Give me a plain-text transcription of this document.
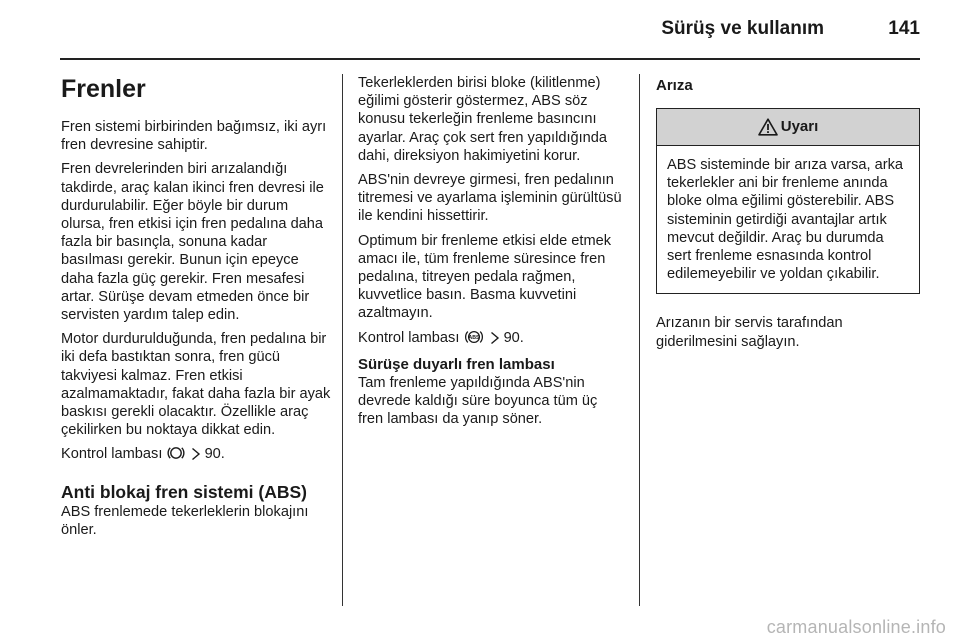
Sürüş ve kullanım	141
Frenler

Fren sistemi birbirinden bağımsız, iki ayrı fren devresine sahiptir.

Fren devrelerinden biri arızalandığı takdirde, araç kalan ikinci fren devresi ile durdurulabilir. Eğer böyle bir durum olursa, fren etkisi için fren pedalına daha fazla bir basınçla, sonuna kadar basılması gerekir. Bunun için epeyce daha fazla güç gerekir. Fren mesafesi artar. Sürüşe devam etmeden önce bir servisten yardım talep edin.

Motor durdurulduğunda, fren pedalına bir iki defa bastıktan sonra, fren gücü takviyesi kalmaz. Fren etkisi azalmamaktadır, fakat daha fazla bir ayak baskısı gerekli olacaktır. Özellikle araç çekilirken bu noktaya dikkat edin.

Kontrol lambası   90.

Anti blokaj fren sistemi (ABS)

ABS frenlemede tekerleklerin blokajını önler.

Tekerleklerden birisi bloke (kilitlenme) eğilimi gösterir göstermez, ABS söz konusu tekerleğin frenleme basıncını ayarlar. Araç çok sert fren yapıldığında dahi, direksiyon hakimiyetini korur.

ABS'nin devreye girmesi, fren pedalının titremesi ve ayarlama işleminin gürültüsü ile kendini hissettirir.

Optimum bir frenleme etkisi elde etmek amacı ile, tüm frenleme süresince fren pedalına, titreyen pedala rağmen, kuvvetlice basın. Basma kuvvetini azaltmayın.

Kontrol lambası ABS 90.

Sürüşe duyarlı fren lambası

Tam frenleme yapıldığında ABS'nin devrede kaldığı süre boyunca tüm üç fren lambası da yanıp söner.

Arıza
Uyarı
ABS sisteminde bir arıza varsa, arka tekerlekler ani bir frenleme anında bloke olma eğilimi gösterebilir. ABS sisteminin getirdiği avantajlar artık mevcut değildir. Araç bu durumda sert frenleme esnasında kontrol edilemeyebilir ve yoldan çıkabilir.

Arızanın bir servis tarafından giderilmesini sağlayın.

carmanualsonline.info
